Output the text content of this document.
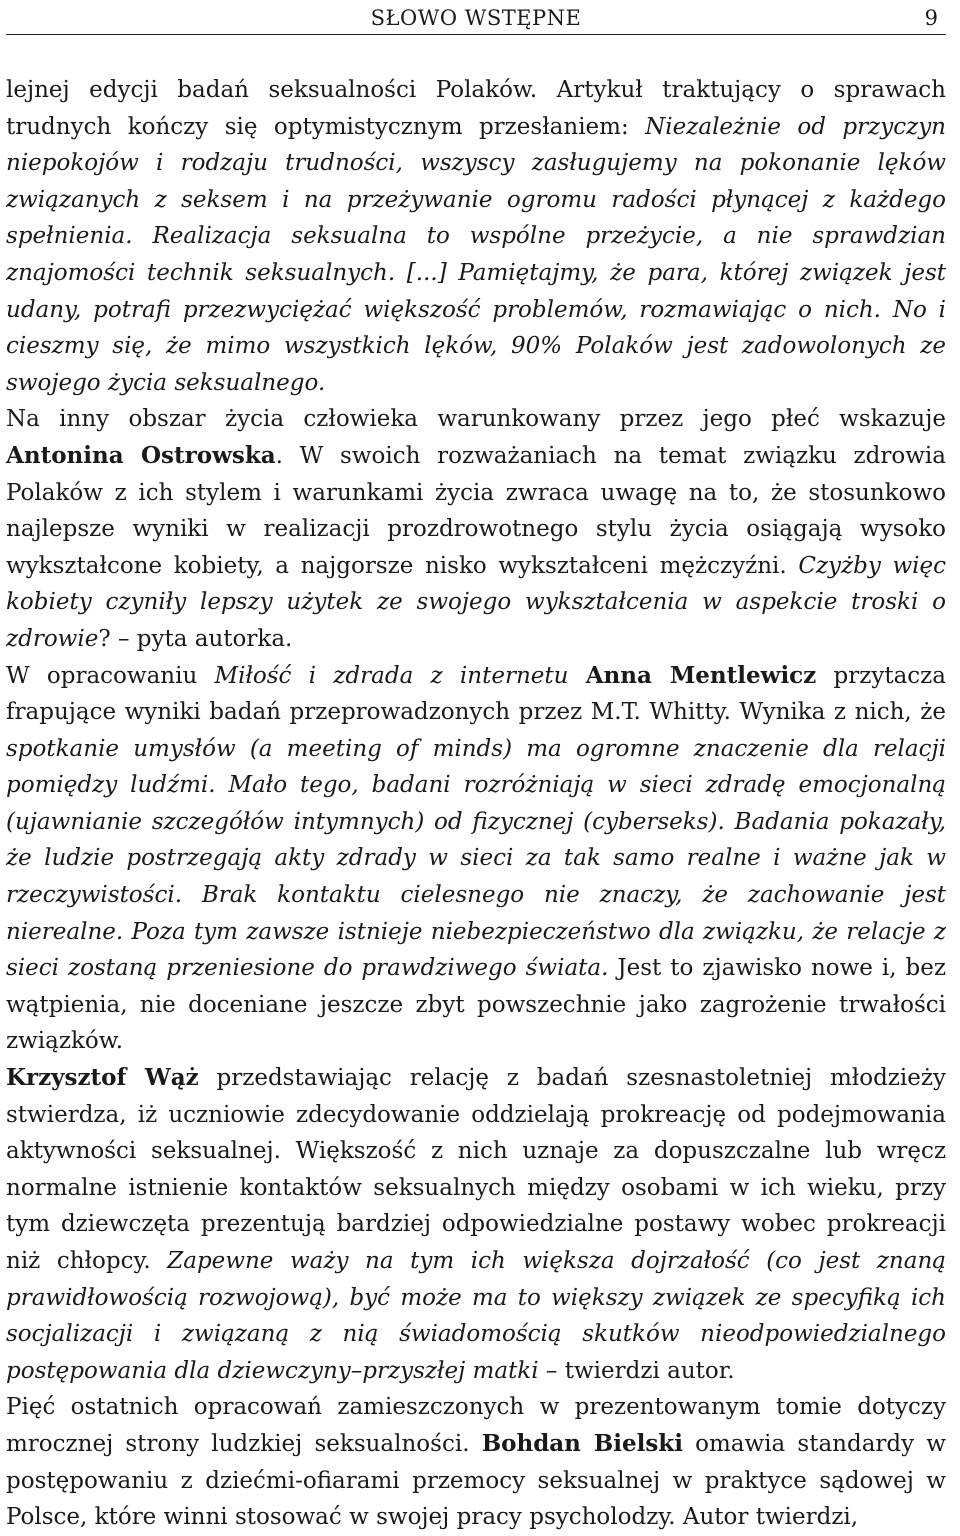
SŁOWO WSTĘPNE	9

lejnej edycji badań seksualności Polaków. Artykuł traktujący o sprawach trudnych kończy się optymistycznym przesłaniem: Niezależnie od przyczyn niepokojów i rodzaju trudności, wszyscy zasługujemy na pokonanie lęków związanych z seksem i na przeżywanie ogromu radości płynącej z każdego spełnienia. Realizacja seksualna to wspólne przeżycie, a nie sprawdzian znajomości technik seksualnych. [...] Pamiętajmy, że para, której związek jest udany, potrafi przezwyciężać większość problemów, rozmawiając o nich. No i cieszmy się, że mimo wszystkich lęków, 90% Polaków jest zadowolonych ze swojego życia seksualnego.

Na inny obszar życia człowieka warunkowany przez jego płeć wskazuje Antonina Ostrowska. W swoich rozważaniach na temat związku zdrowia Polaków z ich stylem i warunkami życia zwraca uwagę na to, że stosunkowo najlepsze wyniki w realizacji prozdrowotnego stylu życia osiągają wysoko wykształcone kobiety, a najgorsze nisko wykształceni mężczyźni. Czyżby więc kobiety czyniły lepszy użytek ze swojego wykształcenia w aspekcie troski o zdrowie? – pyta autorka.

W opracowaniu Miłość i zdrada z internetu Anna Mentlewicz przytacza frapujące wyniki badań przeprowadzonych przez M.T. Whitty. Wynika z nich, że spotkanie umysłów (a meeting of minds) ma ogromne znaczenie dla relacji pomiędzy ludźmi. Mało tego, badani rozróżniają w sieci zdradę emocjonalną (ujawnianie szczegółów intymnych) od fizycznej (cyberseks). Badania pokazały, że ludzie postrzegają akty zdrady w sieci za tak samo realne i ważne jak w rzeczywistości. Brak kontaktu cielesnego nie znaczy, że zachowanie jest nierealne. Poza tym zawsze istnieje niebezpieczeństwo dla związku, że relacje z sieci zostaną przeniesione do prawdziwego świata. Jest to zjawisko nowe i, bez wątpienia, nie doceniane jeszcze zbyt powszechnie jako zagrożenie trwałości związków.

Krzysztof Wąż przedstawiając relację z badań szesnastoletniej młodzieży stwierdza, iż uczniowie zdecydowanie oddzielają prokreację od podejmowania aktywności seksualnej. Większość z nich uznaje za dopuszczalne lub wręcz normalne istnienie kontaktów seksualnych między osobami w ich wieku, przy tym dziewczęta prezentują bardziej odpowiedzialne postawy wobec prokreacji niż chłopcy. Zapewne waży na tym ich większa dojrzałość (co jest znaną prawidłowością rozwojową), być może ma to większy związek ze specyfiką ich socjalizacji i związaną z nią świadomością skutków nieodpowiedzialnego postępowania dla dziewczyny–przyszłej matki – twierdzi autor.

Pięć ostatnich opracowań zamieszczonych w prezentowanym tomie dotyczy mrocznej strony ludzkiej seksualności. Bohdan Bielski omawia standardy w postępowaniu z dziećmi-ofiarami przemocy seksualnej w praktyce sądowej w Polsce, które winni stosować w swojej pracy psycholodzy. Autor twierdzi,
